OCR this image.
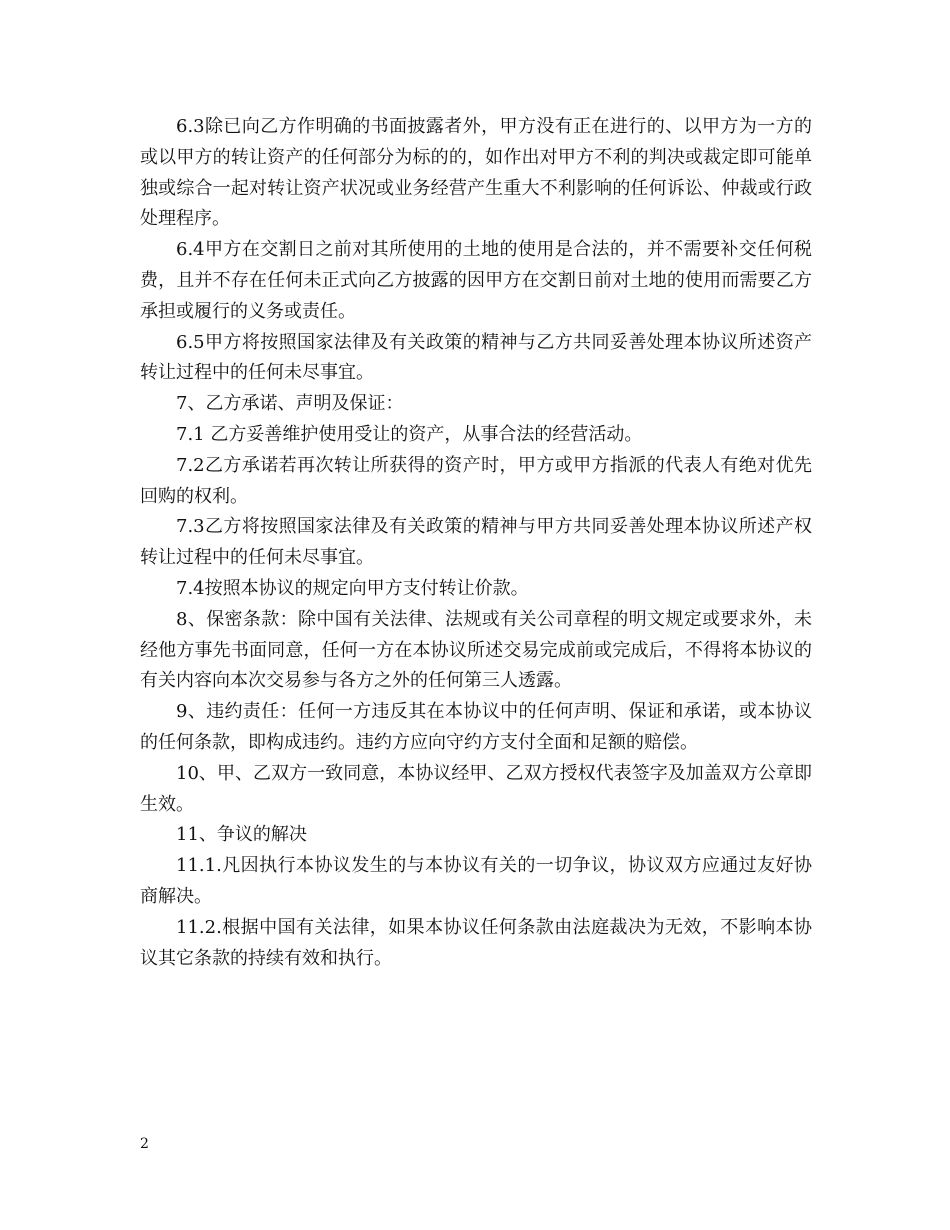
6.3除已向乙方作明确的书面披露者外，甲方没有正在进行的、以甲方为一方的或以甲方的转让资产的任何部分为标的的，如作出对甲方不利的判决或裁定即可能单独或综合一起对转让资产状况或业务经营产生重大不利影响的任何诉讼、仲裁或行政处理程序。

6.4甲方在交割日之前对其所使用的土地的使用是合法的，并不需要补交任何税费，且并不存在任何未正式向乙方披露的因甲方在交割日前对土地的使用而需要乙方承担或履行的义务或责任。

6.5甲方将按照国家法律及有关政策的精神与乙方共同妥善处理本协议所述资产转让过程中的任何未尽事宜。

7、乙方承诺、声明及保证：

7.1 乙方妥善维护使用受让的资产，从事合法的经营活动。

7.2乙方承诺若再次转让所获得的资产时，甲方或甲方指派的代表人有绝对优先回购的权利。

7.3乙方将按照国家法律及有关政策的精神与甲方共同妥善处理本协议所述产权转让过程中的任何未尽事宜。

7.4按照本协议的规定向甲方支付转让价款。

8、保密条款：除中国有关法律、法规或有关公司章程的明文规定或要求外，未经他方事先书面同意，任何一方在本协议所述交易完成前或完成后，不得将本协议的有关内容向本次交易参与各方之外的任何第三人透露。

9、违约责任：任何一方违反其在本协议中的任何声明、保证和承诺，或本协议的任何条款，即构成违约。违约方应向守约方支付全面和足额的赔偿。

10、甲、乙双方一致同意，本协议经甲、乙双方授权代表签字及加盖双方公章即生效。

11、争议的解决

11.1.凡因执行本协议发生的与本协议有关的一切争议，协议双方应通过友好协商解决。

11.2.根据中国有关法律，如果本协议任何条款由法庭裁决为无效，不影响本协议其它条款的持续有效和执行。

2
